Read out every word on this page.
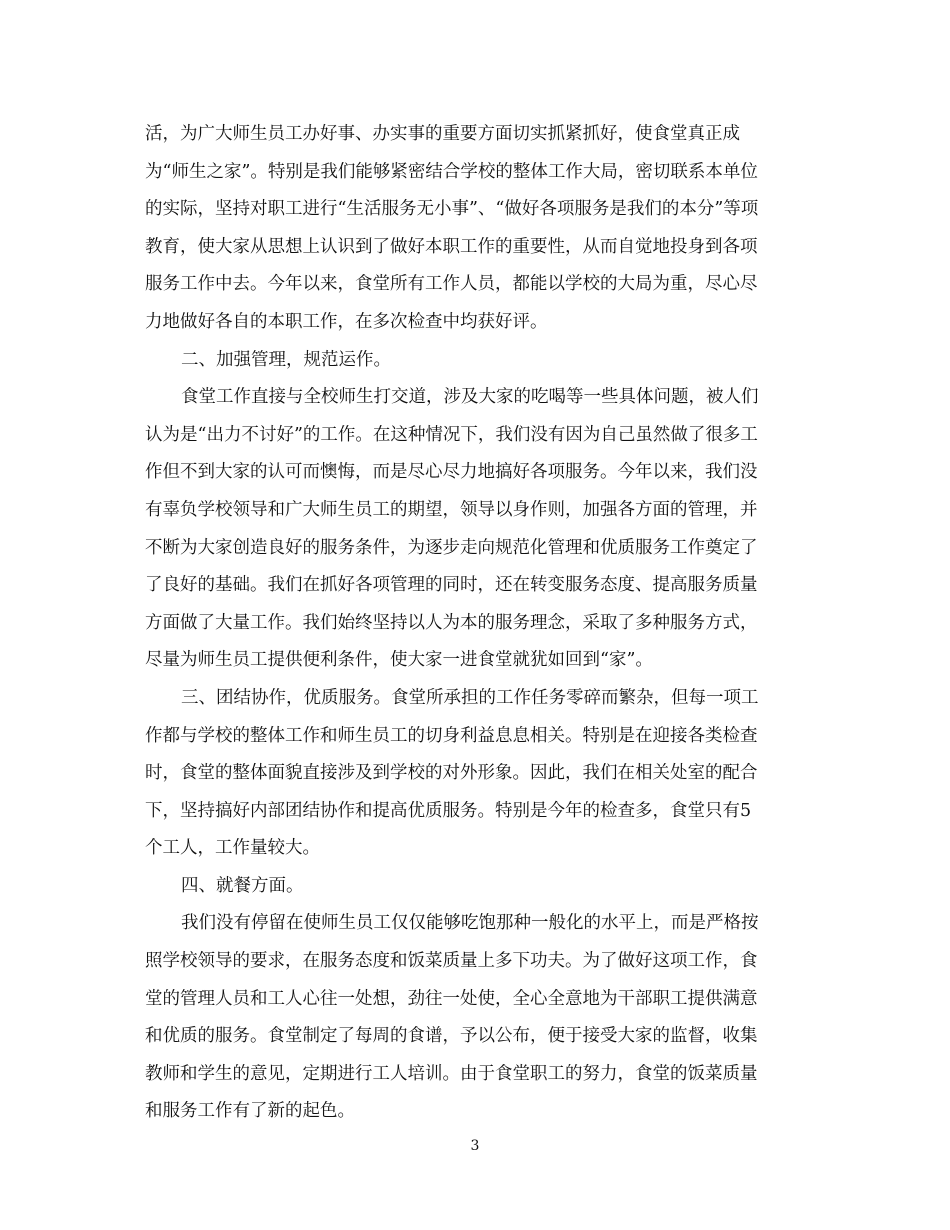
活，为广大师生员工办好事、办实事的重要方面切实抓紧抓好，使食堂真正成
为“师生之家”。特别是我们能够紧密结合学校的整体工作大局，密切联系本单位
的实际，坚持对职工进行“生活服务无小事”、“做好各项服务是我们的本分”等项
教育，使大家从思想上认识到了做好本职工作的重要性，从而自觉地投身到各项
服务工作中去。今年以来，食堂所有工作人员，都能以学校的大局为重，尽心尽
力地做好各自的本职工作，在多次检查中均获好评。
二、加强管理，规范运作。
食堂工作直接与全校师生打交道，涉及大家的吃喝等一些具体问题，被人们
认为是“出力不讨好”的工作。在这种情况下，我们没有因为自己虽然做了很多工
作但不到大家的认可而懊悔，而是尽心尽力地搞好各项服务。今年以来，我们没
有辜负学校领导和广大师生员工的期望，领导以身作则，加强各方面的管理，并
不断为大家创造良好的服务条件，为逐步走向规范化管理和优质服务工作奠定了
了良好的基础。我们在抓好各项管理的同时，还在转变服务态度、提高服务质量
方面做了大量工作。我们始终坚持以人为本的服务理念，采取了多种服务方式，
尽量为师生员工提供便利条件，使大家一进食堂就犹如回到“家”。
三、团结协作，优质服务。食堂所承担的工作任务零碎而繁杂，但每一项工
作都与学校的整体工作和师生员工的切身利益息息相关。特别是在迎接各类检查
时，食堂的整体面貌直接涉及到学校的对外形象。因此，我们在相关处室的配合
下，坚持搞好内部团结协作和提高优质服务。特别是今年的检查多，食堂只有5
个工人，工作量较大。
四、就餐方面。
我们没有停留在使师生员工仅仅能够吃饱那种一般化的水平上，而是严格按
照学校领导的要求，在服务态度和饭菜质量上多下功夫。为了做好这项工作，食
堂的管理人员和工人心往一处想，劲往一处使，全心全意地为干部职工提供满意
和优质的服务。食堂制定了每周的食谱，予以公布，便于接受大家的监督，收集
教师和学生的意见，定期进行工人培训。由于食堂职工的努力，食堂的饭菜质量
和服务工作有了新的起色。
3
